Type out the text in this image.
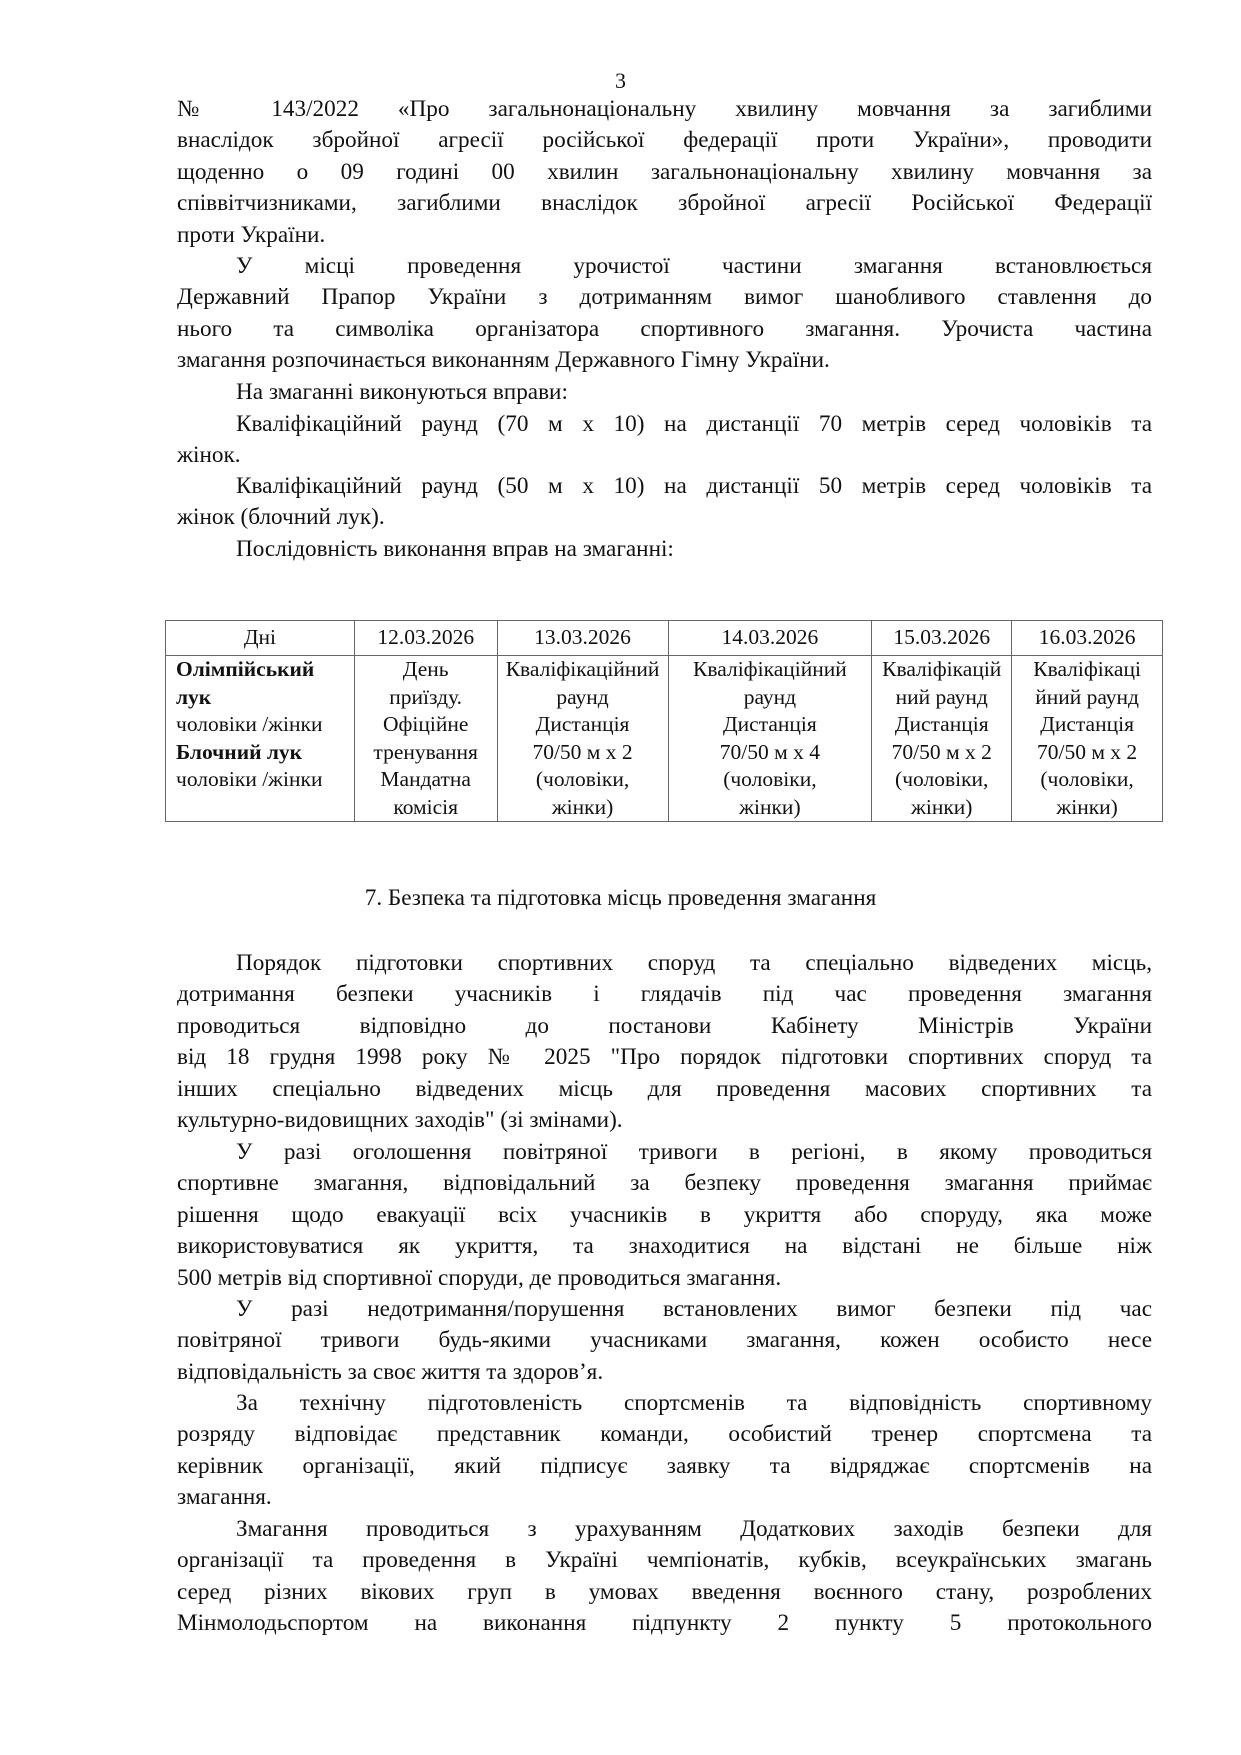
3
№ 143/2022 «Про загальнонаціональну хвилину мовчання за загиблими
внаслідок збройної агресії російської федерації проти України», проводити
щоденно о 09 годині 00 хвилин загальнонаціональну хвилину мовчання за
співвітчизниками, загиблими внаслідок збройної агресії Російської Федерації
проти України.
У місці проведення урочистої частини змагання встановлюється
Державний Прапор України з дотриманням вимог шанобливого ставлення до
нього та символіка організатора спортивного змагання. Урочиста частина
змагання розпочинається виконанням Державного Гімну України.
На змаганні виконуються вправи:
Кваліфікаційний раунд (70 м х 10) на дистанції 70 метрів серед чоловіків та
жінок.
Кваліфікаційний раунд (50 м х 10) на дистанції 50 метрів серед чоловіків та
жінок (блочний лук).
Послідовність виконання вправ на змаганні:
Дні	12.03.2026	13.03.2026	14.03.2026	15.03.2026	16.03.2026
Олімпійський лук
чоловіки /жінки
Блочний лук
чоловіки /жінки	День
приїзду.
Офіційне
тренування
Мандатна
комісія	Кваліфікаційний
раунд
Дистанція
70/50 м х 2
(чоловіки,
жінки)	Кваліфікаційний
раунд
Дистанція
70/50 м х 4
(чоловіки,
жінки)	Кваліфікацій
ний раунд
Дистанція
70/50 м х 2
(чоловіки,
жінки)	Кваліфікаці
йний раунд
Дистанція
70/50 м х 2
(чоловіки,
жінки)
7. Безпека та підготовка місць проведення змагання
Порядок підготовки спортивних споруд та спеціально відведених місць,
дотримання безпеки учасників і глядачів під час проведення змагання
проводиться відповідно до постанови Кабінету Міністрів України
від 18 грудня 1998 року № 2025 "Про порядок підготовки спортивних споруд та
інших спеціально відведених місць для проведення масових спортивних та
культурно-видовищних заходів" (зі змінами).
У разі оголошення повітряної тривоги в регіоні, в якому проводиться
спортивне змагання, відповідальний за безпеку проведення змагання приймає
рішення щодо евакуації всіх учасників в укриття або споруду, яка може
використовуватися як укриття, та знаходитися на відстані не більше ніж
500 метрів від спортивної споруди, де проводиться змагання.
У разі недотримання/порушення встановлених вимог безпеки під час
повітряної тривоги будь-якими учасниками змагання, кожен особисто несе
відповідальність за своє життя та здоров’я.
За технічну підготовленість спортсменів та відповідність спортивному
розряду відповідає представник команди, особистий тренер спортсмена та
керівник організації, який підписує заявку та відряджає спортсменів на
змагання.
Змагання проводиться з урахуванням Додаткових заходів безпеки для
організації та проведення в Україні чемпіонатів, кубків, всеукраїнських змагань
серед різних вікових груп в умовах введення воєнного стану, розроблених
Мінмолодьспортом на виконання підпункту 2 пункту 5 протокольного
